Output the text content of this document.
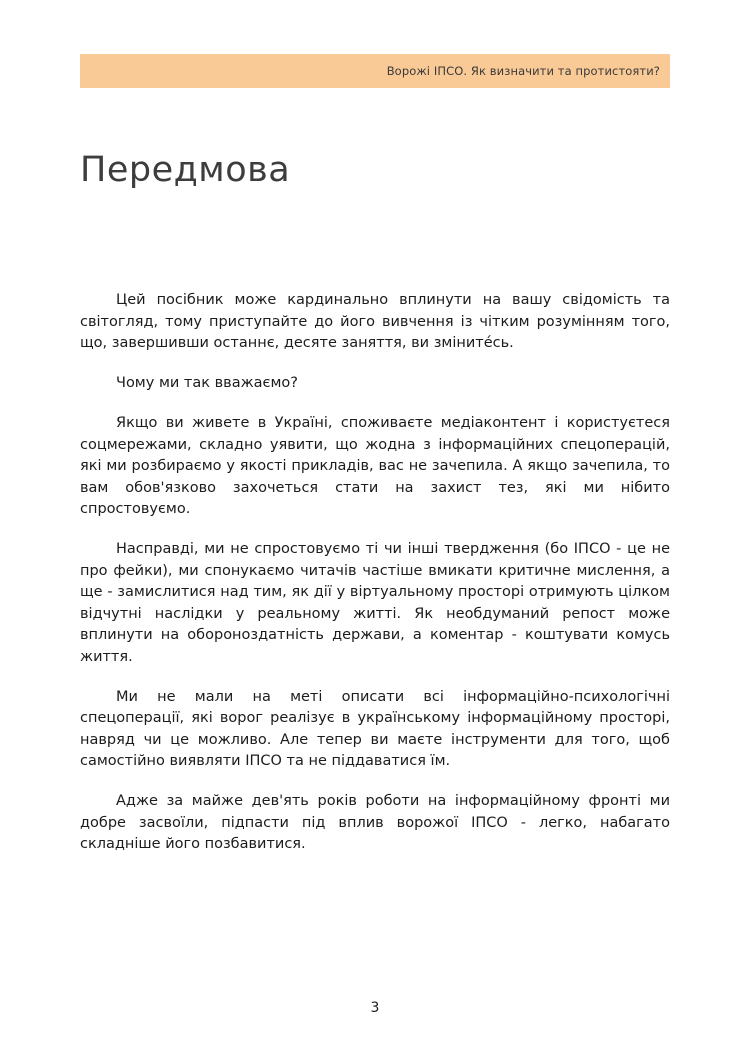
Ворожі ІПСО. Як визначити та протистояти?
Передмова

Цей посібник може кардинально вплинути на вашу свідомість та світогляд, тому приступайте до його вивчення із чітким розумінням того, що, завершивши останнє, десяте заняття, ви зміните́сь.

Чому ми так вважаємо?

Якщо ви живете в Україні, споживаєте медіаконтент і користуєтеся соцмережами, складно уявити, що жодна з інформаційних спецоперацій, які ми розбираємо у якості прикладів, вас не зачепила. А якщо зачепила, то вам обов'язково захочеться стати на захист тез, які ми нібито спростовуємо.

Насправді, ми не спростовуємо ті чи інші твердження (бо ІПСО - це не про фейки), ми спонукаємо читачів частіше вмикати критичне мислення, а ще - замислитися над тим, як дії у віртуальному просторі отримують цілком відчутні наслідки у реальному житті. Як необдуманий репост може вплинути на обороноздатність держави, а коментар - коштувати комусь життя.

Ми не мали на меті описати всі інформаційно-психологічні спецоперації, які ворог реалізує в українському інформаційному просторі, навряд чи це можливо. Але тепер ви маєте інструменти для того, щоб самостійно виявляти ІПСО та не піддаватися їм.

Адже за майже дев'ять років роботи на інформаційному фронті ми добре засвоїли, підпасти під вплив ворожої ІПСО - легко, набагато складніше його позбавитися.

3
